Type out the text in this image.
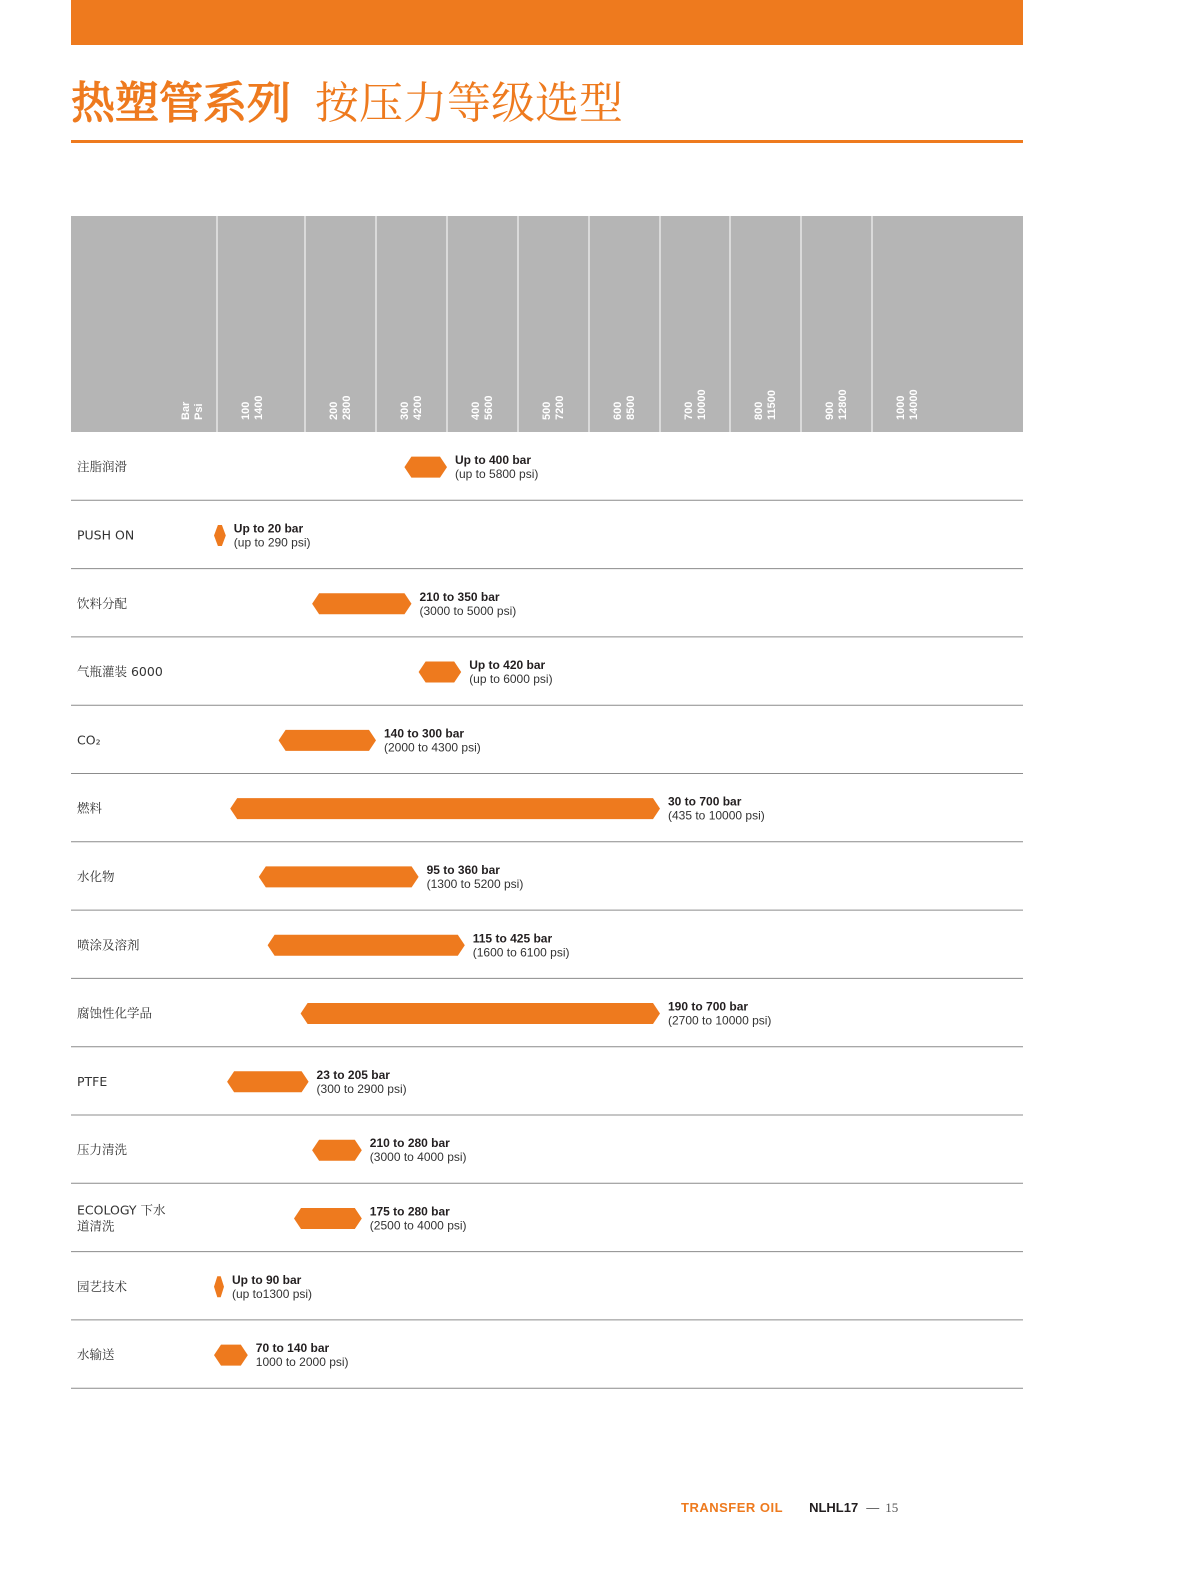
热塑管系列 按压力等级选型
Bar Psi	100 1400	200 2800	300 4200	400 5600	500 7200	600 8500	700 10000	800 11500	900 12800	1000 14000
注脂润滑	Up to 400 bar
(up to 5800 psi)
PUSH ON	Up to 20 bar
(up to 290 psi)
饮料分配	210 to 350 bar
(3000 to 5000 psi)
气瓶灌装 6000	Up to 420 bar
(up to 6000 psi)
CO₂	140 to 300 bar
(2000 to 4300 psi)
燃料	30 to 700 bar
(435 to 10000 psi)
水化物	95 to 360 bar
(1300 to 5200 psi)
喷涂及溶剂	115 to 425 bar
(1600 to 6100 psi)
腐蚀性化学品	190 to 700 bar
(2700 to 10000 psi)
PTFE	23 to 205 bar
(300 to 2900 psi)
压力清洗	210 to 280 bar
(3000 to 4000 psi)
ECOLOGY 下水道清洗
175 to 280 bar
(2500 to 4000 psi)
园艺技术	Up to 90 bar
(up to1300 psi)
水输送	70 to 140 bar
1000 to 2000 psi)
TRANSFER OIL NLHL17 — 15
